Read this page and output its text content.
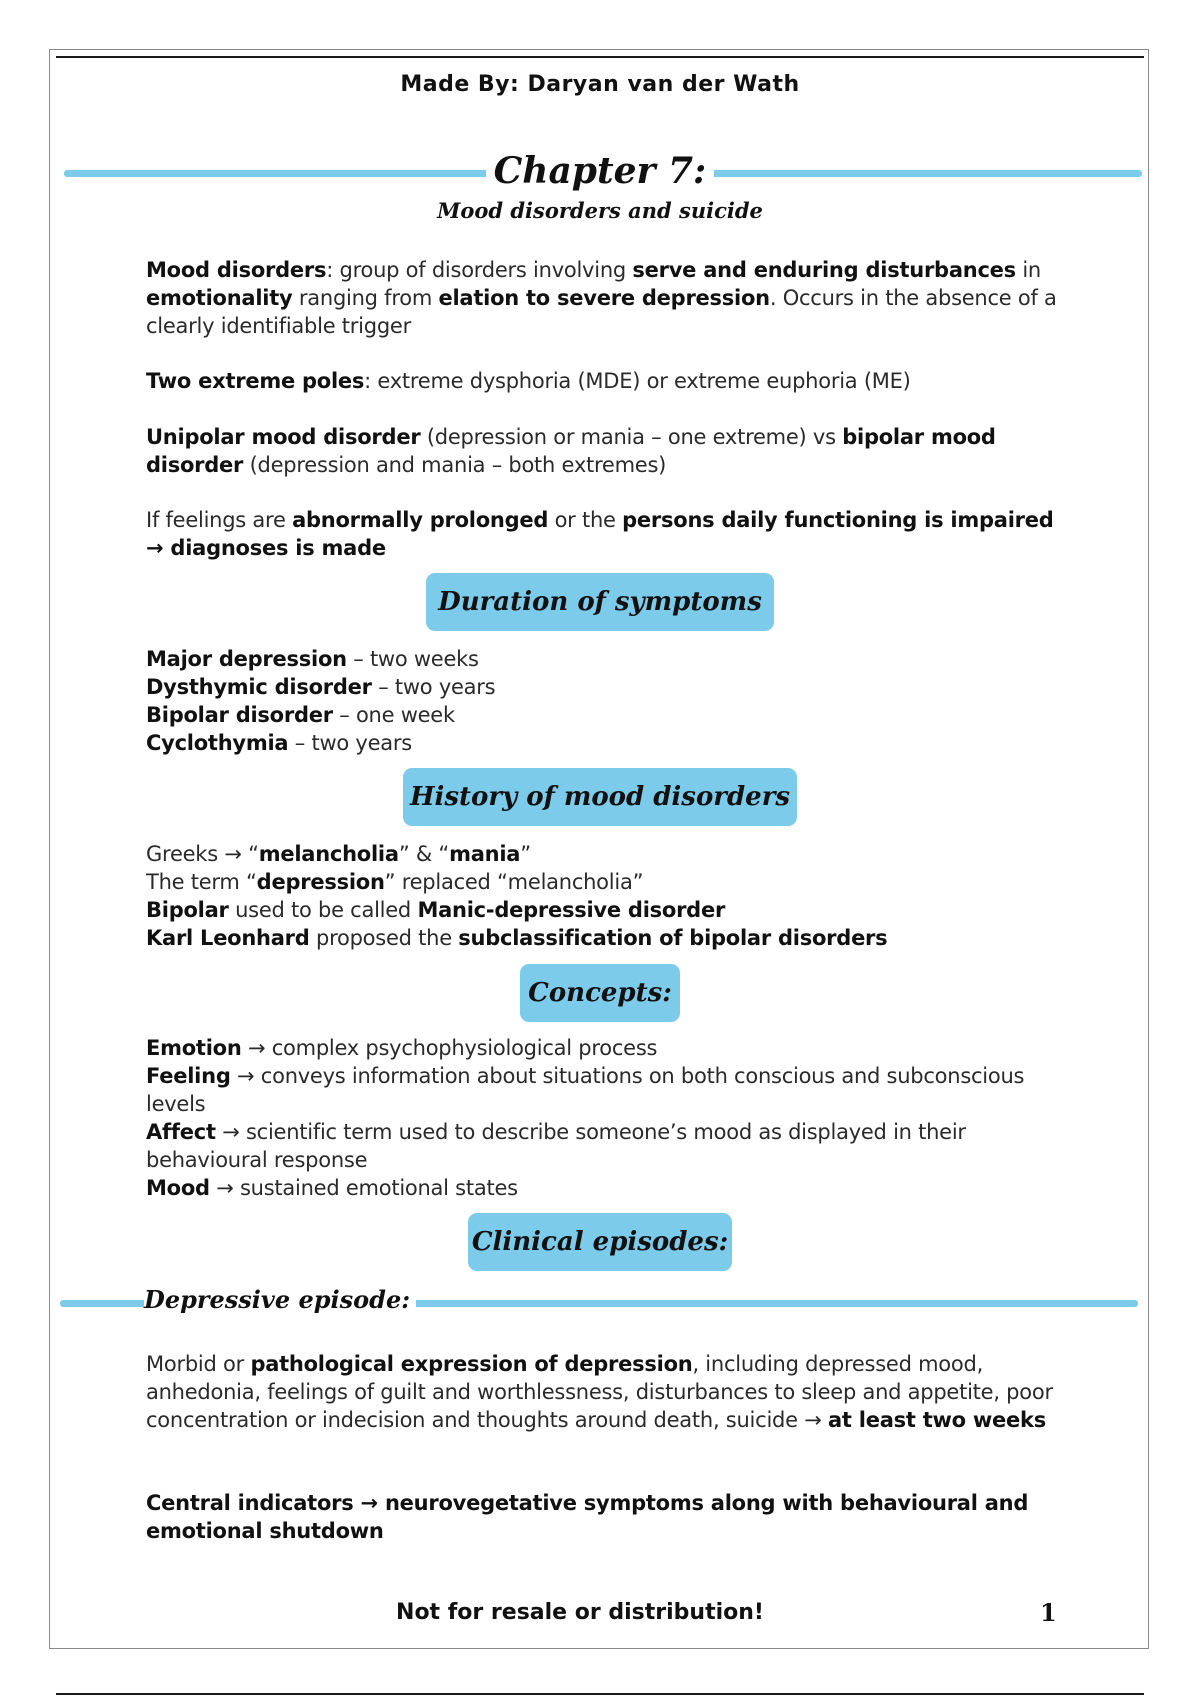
Made By: Daryan van der Wath
Chapter 7:
Mood disorders and suicide
Mood disorders: group of disorders involving serve and enduring disturbances in emotionality ranging from elation to severe depression. Occurs in the absence of a clearly identifiable trigger
Two extreme poles: extreme dysphoria (MDE) or extreme euphoria (ME)
Unipolar mood disorder (depression or mania – one extreme) vs bipolar mood disorder (depression and mania – both extremes)
If feelings are abnormally prolonged or the persons daily functioning is impaired → diagnoses is made
Duration of symptoms
Major depression – two weeks
Dysthymic disorder – two years
Bipolar disorder – one week
Cyclothymia – two years
History of mood disorders
Greeks → “melancholia” & “mania”
The term “depression” replaced “melancholia”
Bipolar used to be called Manic-depressive disorder
Karl Leonhard proposed the subclassification of bipolar disorders
Concepts:
Emotion → complex psychophysiological process
Feeling → conveys information about situations on both conscious and subconscious levels
Affect → scientific term used to describe someone’s mood as displayed in their behavioural response
Mood → sustained emotional states
Clinical episodes:
Depressive episode:
Morbid or pathological expression of depression, including depressed mood, anhedonia, feelings of guilt and worthlessness, disturbances to sleep and appetite, poor concentration or indecision and thoughts around death, suicide → at least two weeks
Central indicators → neurovegetative symptoms along with behavioural and emotional shutdown
Not for resale or distribution!	1
